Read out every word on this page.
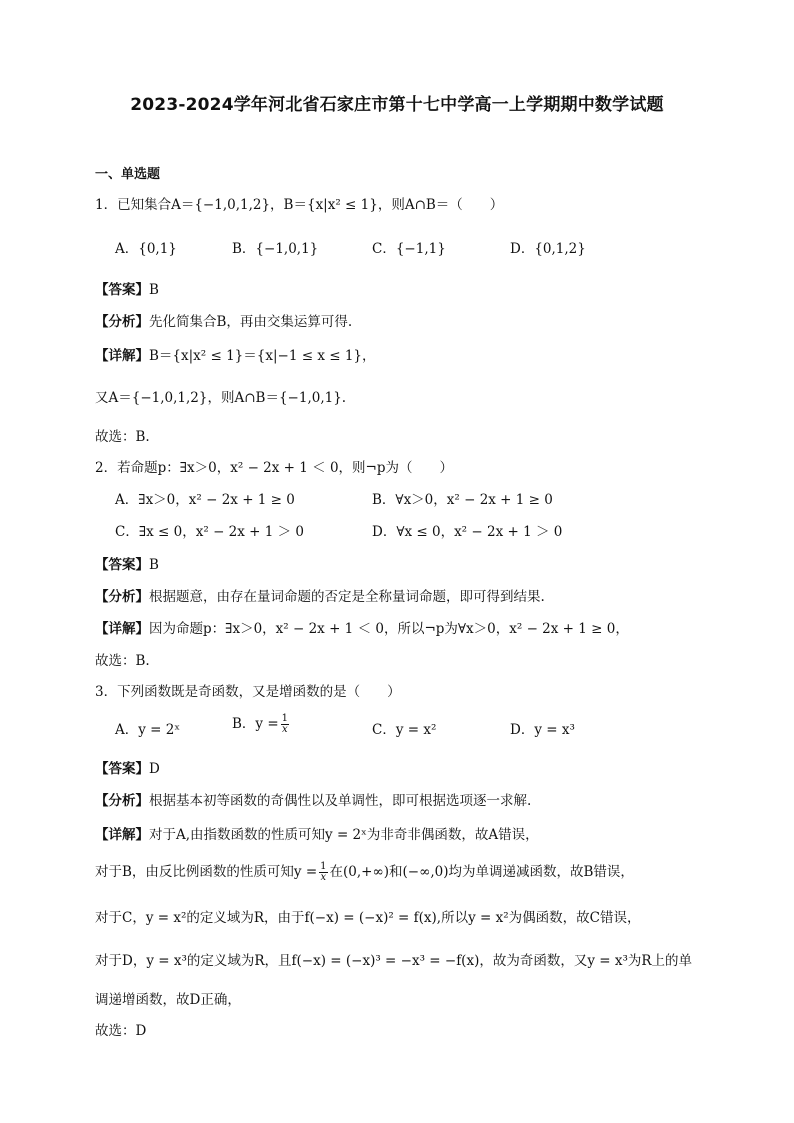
2023-2024学年河北省石家庄市第十七中学高一上学期期中数学试题
一、单选题
1．已知集合A＝{−1,0,1,2}，B＝{x|x² ≤ 1}，则A∩B＝（　　）
A．{0,1}	B．{−1,0,1}	C．{−1,1}	D．{0,1,2}
【答案】B
【分析】先化简集合B，再由交集运算可得.
【详解】B＝{x|x² ≤ 1}＝{x|−1 ≤ x ≤ 1}，
又A＝{−1,0,1,2}，则A∩B＝{−1,0,1}.
故选：B.
2．若命题p：∃x＞0，x² − 2x + 1 ＜ 0，则¬p为（　　）
A．∃x＞0，x² − 2x + 1 ≥ 0	B．∀x＞0，x² − 2x + 1 ≥ 0
C．∃x ≤ 0，x² − 2x + 1 ＞ 0	D．∀x ≤ 0，x² − 2x + 1 ＞ 0
【答案】B
【分析】根据题意，由存在量词命题的否定是全称量词命题，即可得到结果.
【详解】因为命题p：∃x＞0，x² − 2x + 1 ＜ 0，所以¬p为∀x＞0，x² − 2x + 1 ≥ 0，
故选：B.
3．下列函数既是奇函数，又是增函数的是（　　）
A．y = 2ˣ	B．$y = \frac{1}{x}$	C．y = x²	D．y = x³
【答案】D
【分析】根据基本初等函数的奇偶性以及单调性，即可根据选项逐一求解.
【详解】对于A,由指数函数的性质可知y = 2ˣ为非奇非偶函数，故A错误，
对于B，由反比例函数的性质可知$y = \frac{1}{x}$ 在(0,+∞)和(−∞,0)均为单调递减函数，故B错误，
对于C，y = x²的定义域为R，由于f(−x) = (−x)² = f(x),所以y = x²为偶函数，故C错误，
对于D，y = x³的定义域为R，且f(−x) = (−x)³ = −x³ = −f(x)，故为奇函数，又y = x³为R上的单
调递增函数，故D正确，
故选：D
